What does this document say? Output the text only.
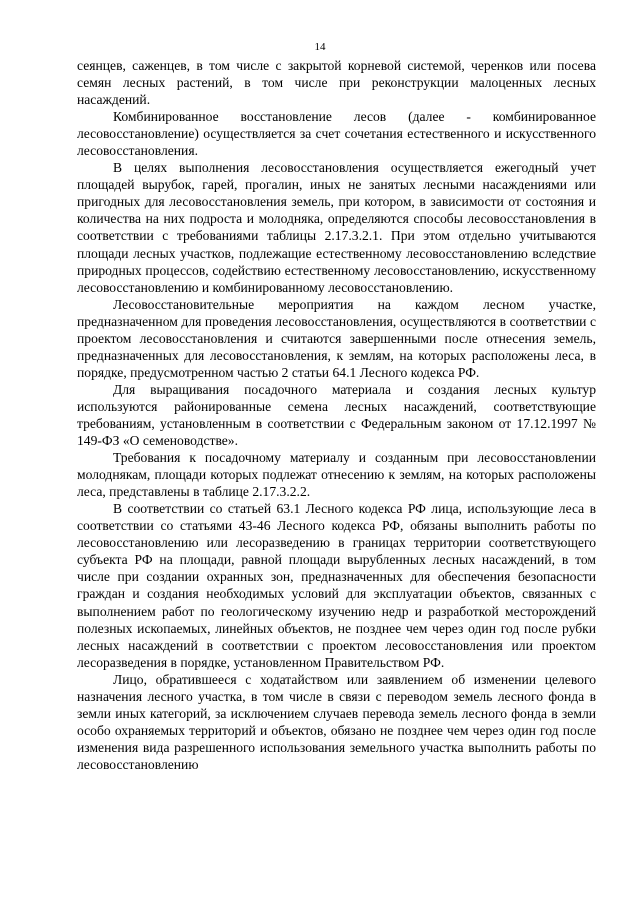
14

сеянцев, саженцев, в том числе с закрытой корневой системой, черенков или посева семян лесных растений, в том числе при реконструкции малоценных лесных насаждений.

Комбинированное восстановление лесов (далее - комбинированное лесовосстановление) осуществляется за счет сочетания естественного и искусственного лесовосстановления.

В целях выполнения лесовосстановления осуществляется ежегодный учет площадей вырубок, гарей, прогалин, иных не занятых лесными насаждениями или пригодных для лесовосстановления земель, при котором, в зависимости от состояния и количества на них подроста и молодняка, определяются способы лесовосстановления в соответствии с требованиями таблицы 2.17.3.2.1. При этом отдельно учитываются площади лесных участков, подлежащие естественному лесовосстановлению вследствие природных процессов, содействию естественному лесовосстановлению, искусственному лесовосстановлению и комбинированному лесовосстановлению.

Лесовосстановительные мероприятия на каждом лесном участке, предназначенном для проведения лесовосстановления, осуществляются в соответствии с проектом лесовосстановления и считаются завершенными после отнесения земель, предназначенных для лесовосстановления, к землям, на которых расположены леса, в порядке, предусмотренном частью 2 статьи 64.1 Лесного кодекса РФ.

Для выращивания посадочного материала и создания лесных культур используются районированные семена лесных насаждений, соответствующие требованиям, установленным в соответствии с Федеральным законом от 17.12.1997 № 149-ФЗ «О семеноводстве».

Требования к посадочному материалу и созданным при лесовосстановлении молоднякам, площади которых подлежат отнесению к землям, на которых расположены леса, представлены в таблице 2.17.3.2.2.

В соответствии со статьей 63.1 Лесного кодекса РФ лица, использующие леса в соответствии со статьями 43-46 Лесного кодекса РФ, обязаны выполнить работы по лесовосстановлению или лесоразведению в границах территории соответствующего субъекта РФ на площади, равной площади вырубленных лесных насаждений, в том числе при создании охранных зон, предназначенных для обеспечения безопасности граждан и создания необходимых условий для эксплуатации объектов, связанных с выполнением работ по геологическому изучению недр и разработкой месторождений полезных ископаемых, линейных объектов, не позднее чем через один год после рубки лесных насаждений в соответствии с проектом лесовосстановления или проектом лесоразведения в порядке, установленном Правительством РФ.

Лицо, обратившееся с ходатайством или заявлением об изменении целевого назначения лесного участка, в том числе в связи с переводом земель лесного фонда в земли иных категорий, за исключением случаев перевода земель лесного фонда в земли особо охраняемых территорий и объектов, обязано не позднее чем через один год после изменения вида разрешенного использования земельного участка выполнить работы по лесовосстановлению
